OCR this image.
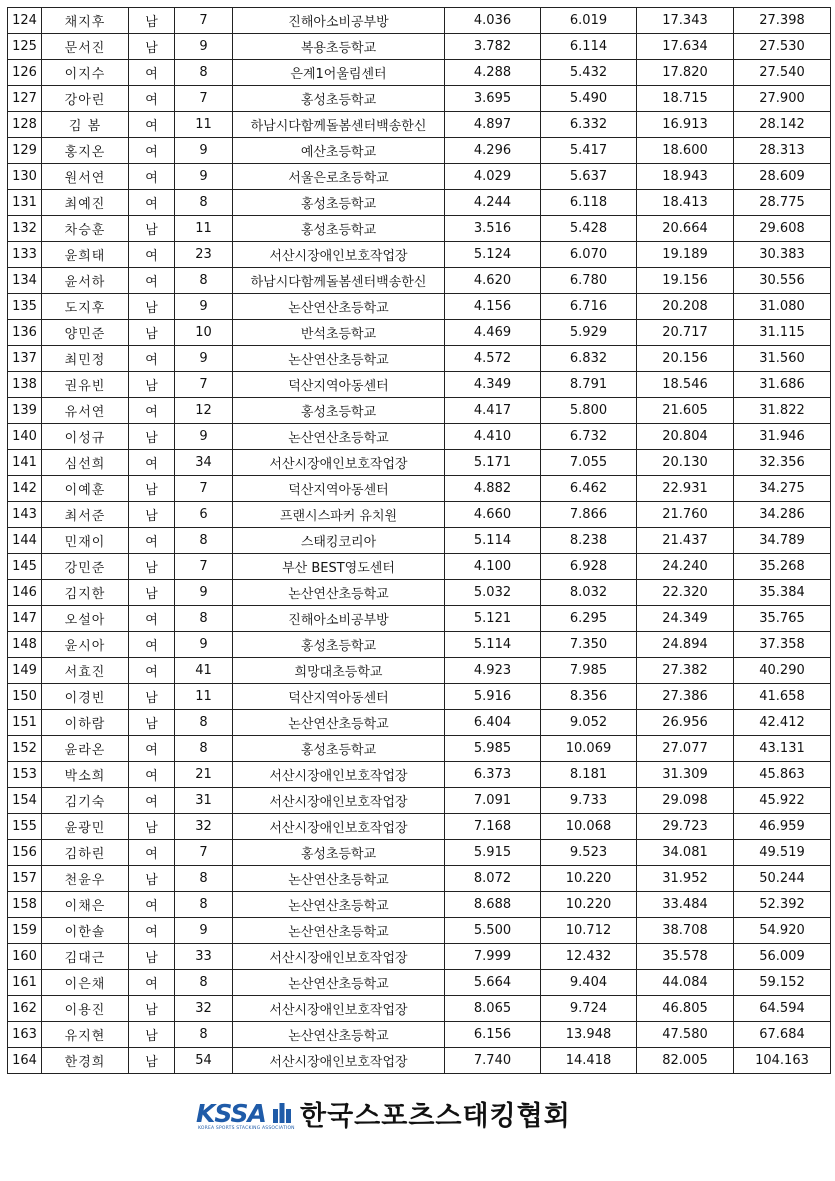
124	채지후	남	7	진해아소비공부방	4.036	6.019	17.343	27.398
125	문서진	남	9	복용초등학교	3.782	6.114	17.634	27.530
126	이지수	여	8	은계1어울림센터	4.288	5.432	17.820	27.540
127	강아린	여	7	홍성초등학교	3.695	5.490	18.715	27.900
128	김 봄	여	11	하남시다함께돌봄센터백송한신	4.897	6.332	16.913	28.142
129	홍지온	여	9	예산초등학교	4.296	5.417	18.600	28.313
130	원서연	여	9	서울은로초등학교	4.029	5.637	18.943	28.609
131	최예진	여	8	홍성초등학교	4.244	6.118	18.413	28.775
132	차승훈	남	11	홍성초등학교	3.516	5.428	20.664	29.608
133	윤희태	여	23	서산시장애인보호작업장	5.124	6.070	19.189	30.383
134	윤서하	여	8	하남시다함께돌봄센터백송한신	4.620	6.780	19.156	30.556
135	도지후	남	9	논산연산초등학교	4.156	6.716	20.208	31.080
136	양민준	남	10	반석초등학교	4.469	5.929	20.717	31.115
137	최민정	여	9	논산연산초등학교	4.572	6.832	20.156	31.560
138	권유빈	남	7	덕산지역아동센터	4.349	8.791	18.546	31.686
139	유서연	여	12	홍성초등학교	4.417	5.800	21.605	31.822
140	이성규	남	9	논산연산초등학교	4.410	6.732	20.804	31.946
141	심선희	여	34	서산시장애인보호작업장	5.171	7.055	20.130	32.356
142	이예훈	남	7	덕산지역아동센터	4.882	6.462	22.931	34.275
143	최서준	남	6	프랜시스파커 유치원	4.660	7.866	21.760	34.286
144	민재이	여	8	스태킹코리아	5.114	8.238	21.437	34.789
145	강민준	남	7	부산 BEST영도센터	4.100	6.928	24.240	35.268
146	김지한	남	9	논산연산초등학교	5.032	8.032	22.320	35.384
147	오설아	여	8	진해아소비공부방	5.121	6.295	24.349	35.765
148	윤시아	여	9	홍성초등학교	5.114	7.350	24.894	37.358
149	서효진	여	41	희망대초등학교	4.923	7.985	27.382	40.290
150	이경빈	남	11	덕산지역아동센터	5.916	8.356	27.386	41.658
151	이하람	남	8	논산연산초등학교	6.404	9.052	26.956	42.412
152	윤라온	여	8	홍성초등학교	5.985	10.069	27.077	43.131
153	박소희	여	21	서산시장애인보호작업장	6.373	8.181	31.309	45.863
154	김기숙	여	31	서산시장애인보호작업장	7.091	9.733	29.098	45.922
155	윤광민	남	32	서산시장애인보호작업장	7.168	10.068	29.723	46.959
156	김하린	여	7	홍성초등학교	5.915	9.523	34.081	49.519
157	천윤우	남	8	논산연산초등학교	8.072	10.220	31.952	50.244
158	이채은	여	8	논산연산초등학교	8.688	10.220	33.484	52.392
159	이한솔	여	9	논산연산초등학교	5.500	10.712	38.708	54.920
160	김대근	남	33	서산시장애인보호작업장	7.999	12.432	35.578	56.009
161	이은채	여	8	논산연산초등학교	5.664	9.404	44.084	59.152
162	이용진	남	32	서산시장애인보호작업장	8.065	9.724	46.805	64.594
163	유지현	남	8	논산연산초등학교	6.156	13.948	47.580	67.684
164	한경희	남	54	서산시장애인보호작업장	7.740	14.418	82.005	104.163
KSSA
KOREA SPORTS STACKING ASSOCIATION 한국스포츠스태킹협회
